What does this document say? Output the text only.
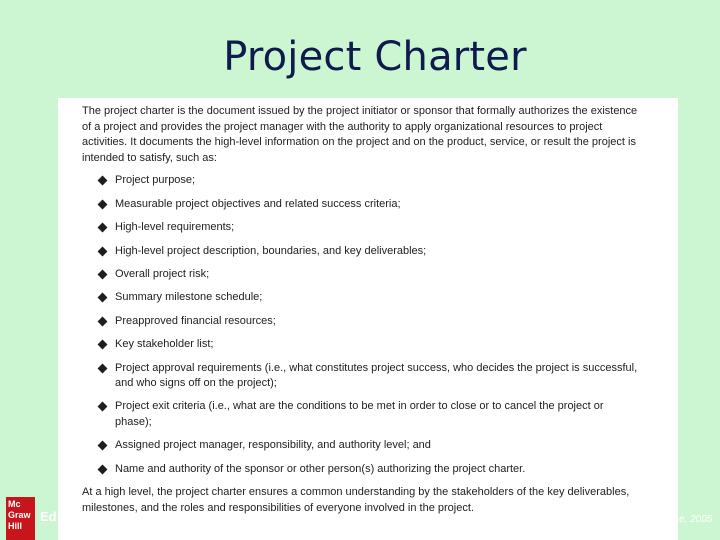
Project Charter

The project charter is the document issued by the project initiator or sponsor that formally authorizes the existence of a project and provides the project manager with the authority to apply organizational resources to project activities. It documents the high-level information on the project and on the product, service, or result the project is intended to satisfy, such as:

Project purpose;
Measurable project objectives and related success criteria;
High-level requirements;
High-level project description, boundaries, and key deliverables;
Overall project risk;
Summary milestone schedule;
Preapproved financial resources;
Key stakeholder list;
Project approval requirements (i.e., what constitutes project success, who decides the project is successful, and who signs off on the project);
Project exit criteria (i.e., what are the conditions to be met in order to close or to cancel the project or phase);
Assigned project manager, responsibility, and authority level; and
Name and authority of the sponsor or other person(s) authorizing the project charter.

At a high level, the project charter ensures a common understanding by the stakeholders of the key deliverables, milestones, and the roles and responsibilities of everyone involved in the project.

Mc
Graw
Hill
Ed	e, 2005
